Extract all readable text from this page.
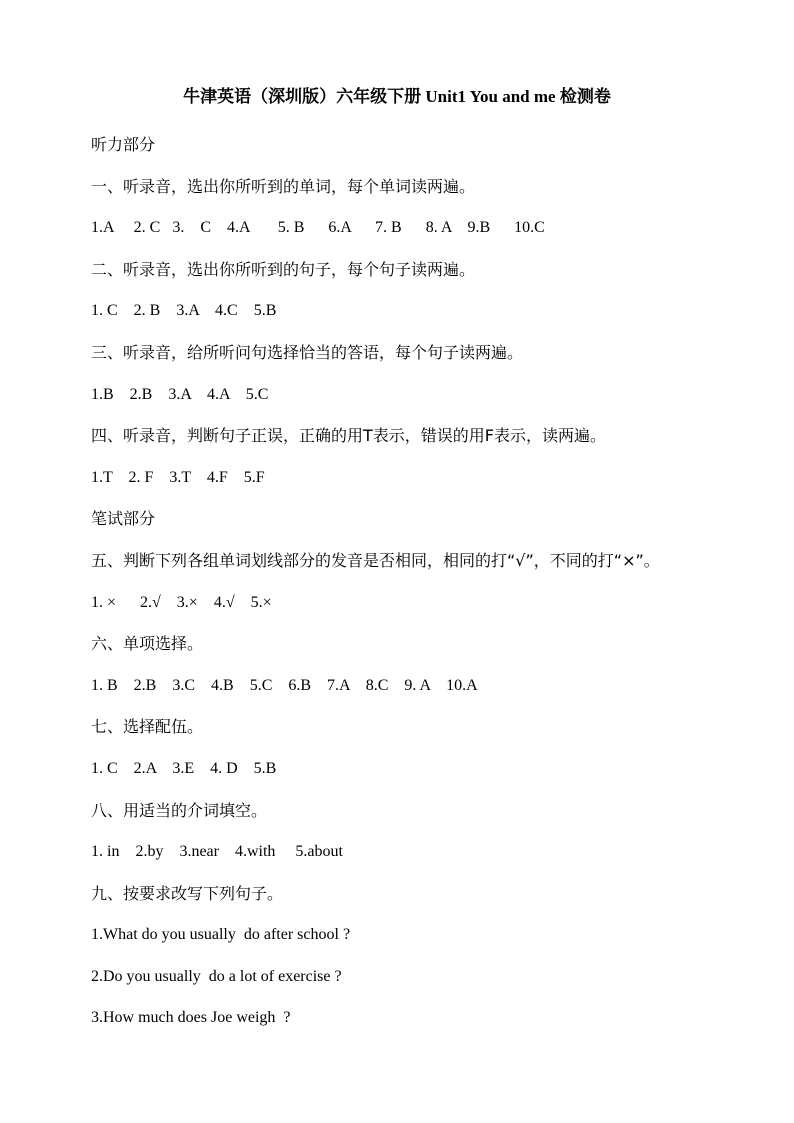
牛津英语（深圳版）六年级下册 Unit1 You and me 检测卷
听力部分
一、听录音，选出你所听到的单词，每个单词读两遍。
1.A     2. C   3.    C    4.A       5. B      6.A      7. B      8. A    9.B      10.C
二、听录音，选出你所听到的句子，每个句子读两遍。
1. C    2. B    3.A    4.C    5.B
三、听录音，给所听问句选择恰当的答语，每个句子读两遍。
1.B    2.B    3.A    4.A    5.C
四、听录音，判断句子正误，正确的用T表示，错误的用F表示，读两遍。
1.T    2. F    3.T    4.F    5.F
笔试部分
五、判断下列各组单词划线部分的发音是否相同，相同的打“√”，不同的打“×”。
1. ×      2.√    3.×    4.√    5.×
六、单项选择。
1. B    2.B    3.C    4.B    5.C    6.B    7.A    8.C    9. A    10.A
七、选择配伍。
1. C    2.A    3.E    4. D    5.B
八、用适当的介词填空。
1. in    2.by    3.near    4.with     5.about
九、按要求改写下列句子。
1.What do you usually  do after school ?
2.Do you usually  do a lot of exercise ?
3.How much does Joe weigh  ?
